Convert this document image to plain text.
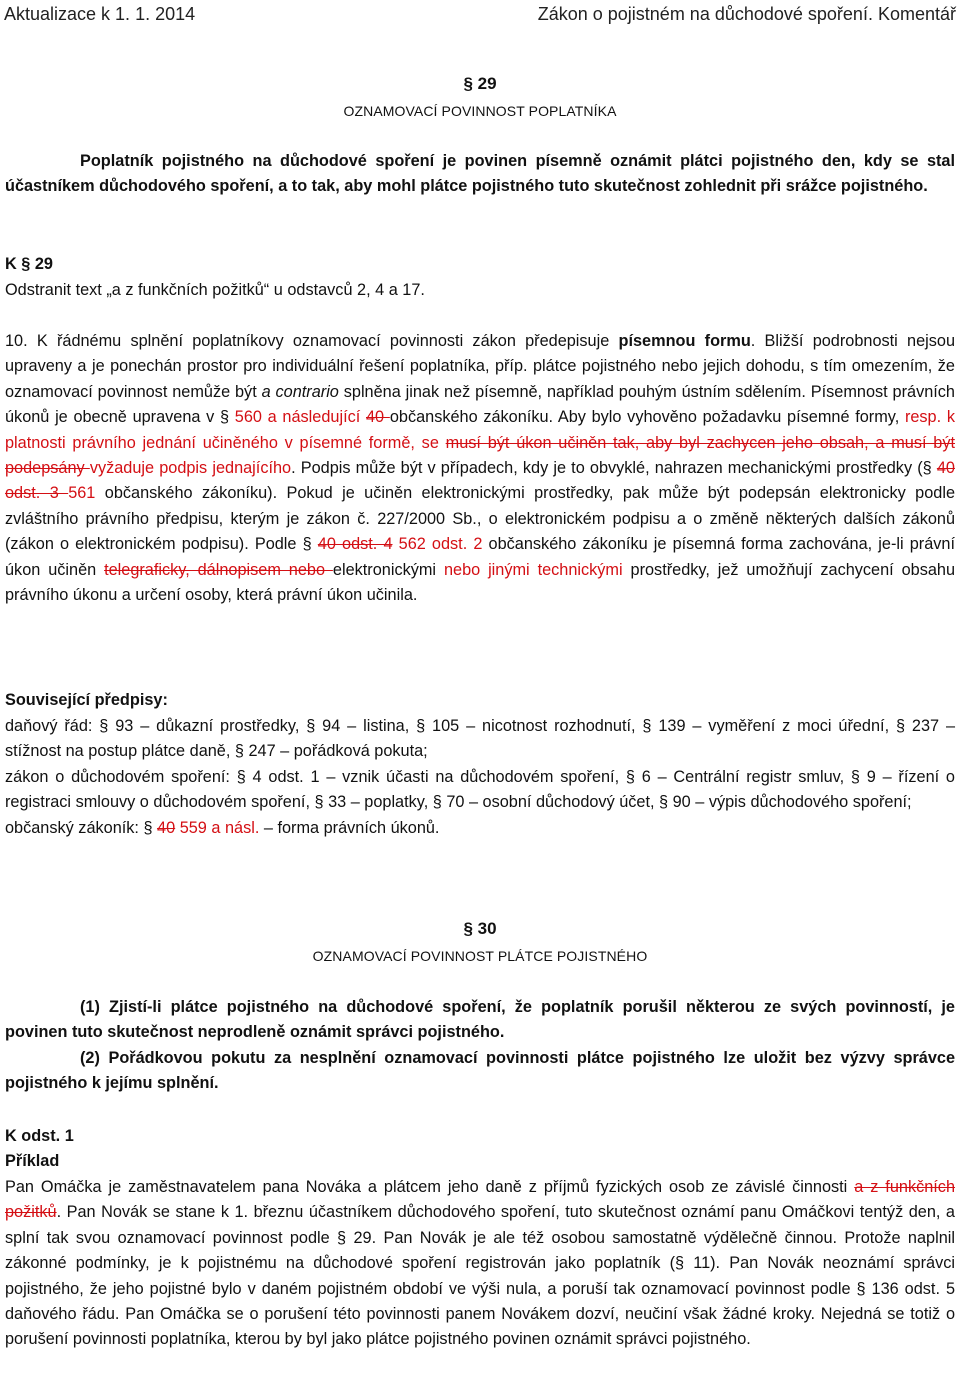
Aktualizace k 1. 1. 2014	Zákon o pojistném na důchodové spoření. Komentář
§ 29
OZNAMOVACÍ POVINNOST POPLATNÍKA
Poplatník pojistného na důchodové spoření je povinen písemně oznámit plátci pojistného den, kdy se stal účastníkem důchodového spoření, a to tak, aby mohl plátce pojistného tuto skutečnost zohlednit při srážce pojistného.
K § 29
Odstranit text „a z funkčních požitků“ u odstavců 2, 4 a 17.
10. K řádnému splnění poplatníkovy oznamovací povinnosti zákon předepisuje písemnou formu. Bližší podrobnosti nejsou upraveny a je ponechán prostor pro individuální řešení poplatníka, příp. plátce pojistného nebo jejich dohodu, s tím omezením, že oznamovací povinnost nemůže být a contrario splněna jinak než písemně, například pouhým ústním sdělením. Písemnost právních úkonů je obecně upravena v § 560 a následující 40 občanského zákoníku. Aby bylo vyhověno požadavku písemné formy, resp. k platnosti právního jednání učiněného v písemné formě, se musí být úkon učiněn tak, aby byl zachycen jeho obsah, a musí být podepsány vyžaduje podpis jednajícího. Podpis může být v případech, kdy je to obvyklé, nahrazen mechanickými prostředky (§ 40 odst. 3 561 občanského zákoníku). Pokud je učiněn elektronickými prostředky, pak může být podepsán elektronicky podle zvláštního právního předpisu, kterým je zákon č. 227/2000 Sb., o elektronickém podpisu a o změně některých dalších zákonů (zákon o elektronickém podpisu). Podle § 40 odst. 4 562 odst. 2 občanského zákoníku je písemná forma zachována, je-li právní úkon učiněn telegraficky, dálnopisem nebo elektronickými nebo jinými technickými prostředky, jež umožňují zachycení obsahu právního úkonu a určení osoby, která právní úkon učinila.
Související předpisy:
daňový řád: § 93 – důkazní prostředky, § 94 – listina, § 105 – nicotnost rozhodnutí, § 139 – vyměření z moci úřední, § 237 – stížnost na postup plátce daně, § 247 – pořádková pokuta;
zákon o důchodovém spoření: § 4 odst. 1 – vznik účasti na důchodovém spoření, § 6 – Centrální registr smluv, § 9 – řízení o registraci smlouvy o důchodovém spoření, § 33 – poplatky, § 70 – osobní důchodový účet, § 90 – výpis důchodového spoření;
občanský zákoník: § 40 559 a násl. – forma právních úkonů.
§ 30
OZNAMOVACÍ POVINNOST PLÁTCE POJISTNÉHO
(1) Zjistí-li plátce pojistného na důchodové spoření, že poplatník porušil některou ze svých povinností, je povinen tuto skutečnost neprodleně oznámit správci pojistného.
(2) Pořádkovou pokutu za nesplnění oznamovací povinnosti plátce pojistného lze uložit bez výzvy správce pojistného k jejímu splnění.
K odst. 1
Příklad
Pan Omáčka je zaměstnavatelem pana Nováka a plátcem jeho daně z příjmů fyzických osob ze závislé činnosti a z funkčních požitků. Pan Novák se stane k 1. březnu účastníkem důchodového spoření, tuto skutečnost oznámí panu Omáčkovi tentýž den, a splní tak svou oznamovací povinnost podle § 29. Pan Novák je ale též osobou samostatně výdělečně činnou. Protože naplnil zákonné podmínky, je k pojistnému na důchodové spoření registrován jako poplatník (§ 11). Pan Novák neoznámí správci pojistného, že jeho pojistné bylo v daném pojistném období ve výši nula, a poruší tak oznamovací povinnost podle § 136 odst. 5 daňového řádu. Pan Omáčka se o porušení této povinnosti panem Novákem dozví, neučiní však žádné kroky. Nejedná se totiž o porušení povinnosti poplatníka, kterou by byl jako plátce pojistného povinen oznámit správci pojistného.
